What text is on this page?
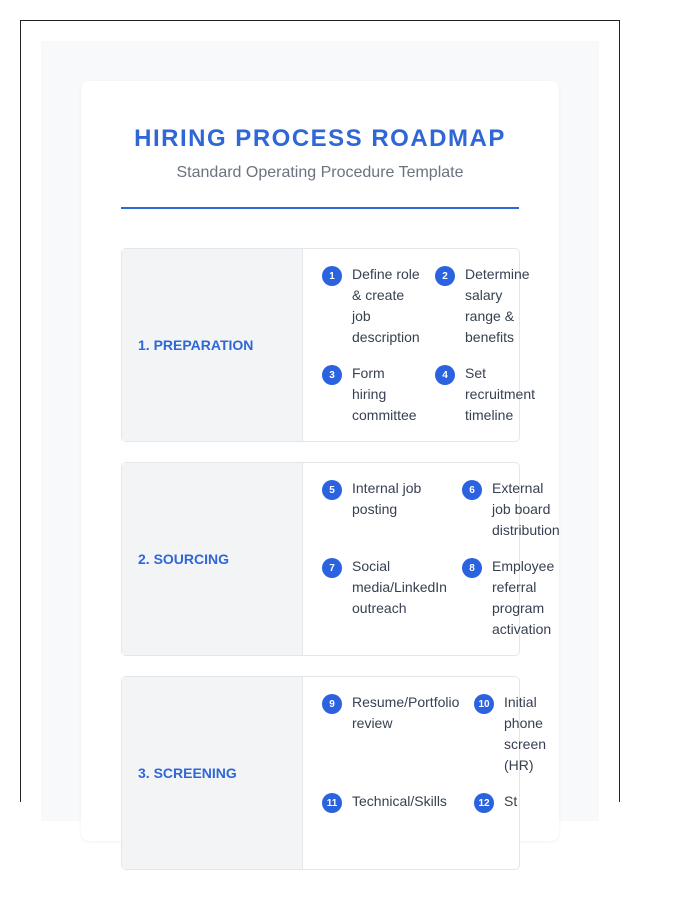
HIRING PROCESS ROADMAP
Standard Operating Procedure Template
1. PREPARATION
1	Define role & create job description
2	Determine salary range & benefits
3	Form hiring committee
4	Set recruitment timeline
2. SOURCING
5	Internal job posting
6	External job board distribution
7	Social media/LinkedIn outreach
8	Employee referral program activation
3. SCREENING
9	Resume/Portfolio review
10	Initial phone screen (HR)
11	Technical/Skills	12	St
